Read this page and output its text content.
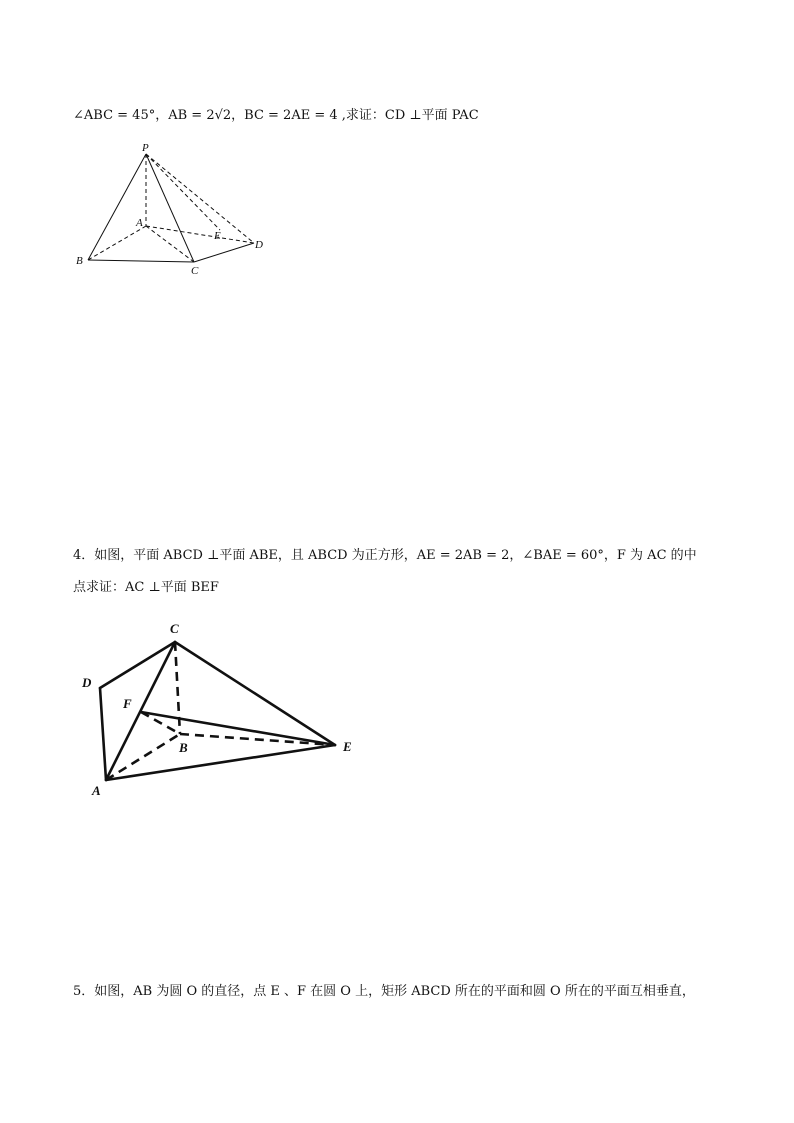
∠ABC = 45°，AB = 2√2，BC = 2AE = 4 ,求证：CD ⊥平面 PAC
P
A
B
C
D
E
4．如图，平面 ABCD ⊥平面 ABE，且 ABCD 为正方形，AE = 2AB = 2，∠BAE = 60°，F 为 AC 的中
点求证：AC ⊥平面 BEF
C
D
F
B	E
A
5．如图，AB 为圆 O 的直径，点 E 、F 在圆 O 上，矩形 ABCD 所在的平面和圆 O 所在的平面互相垂直，
